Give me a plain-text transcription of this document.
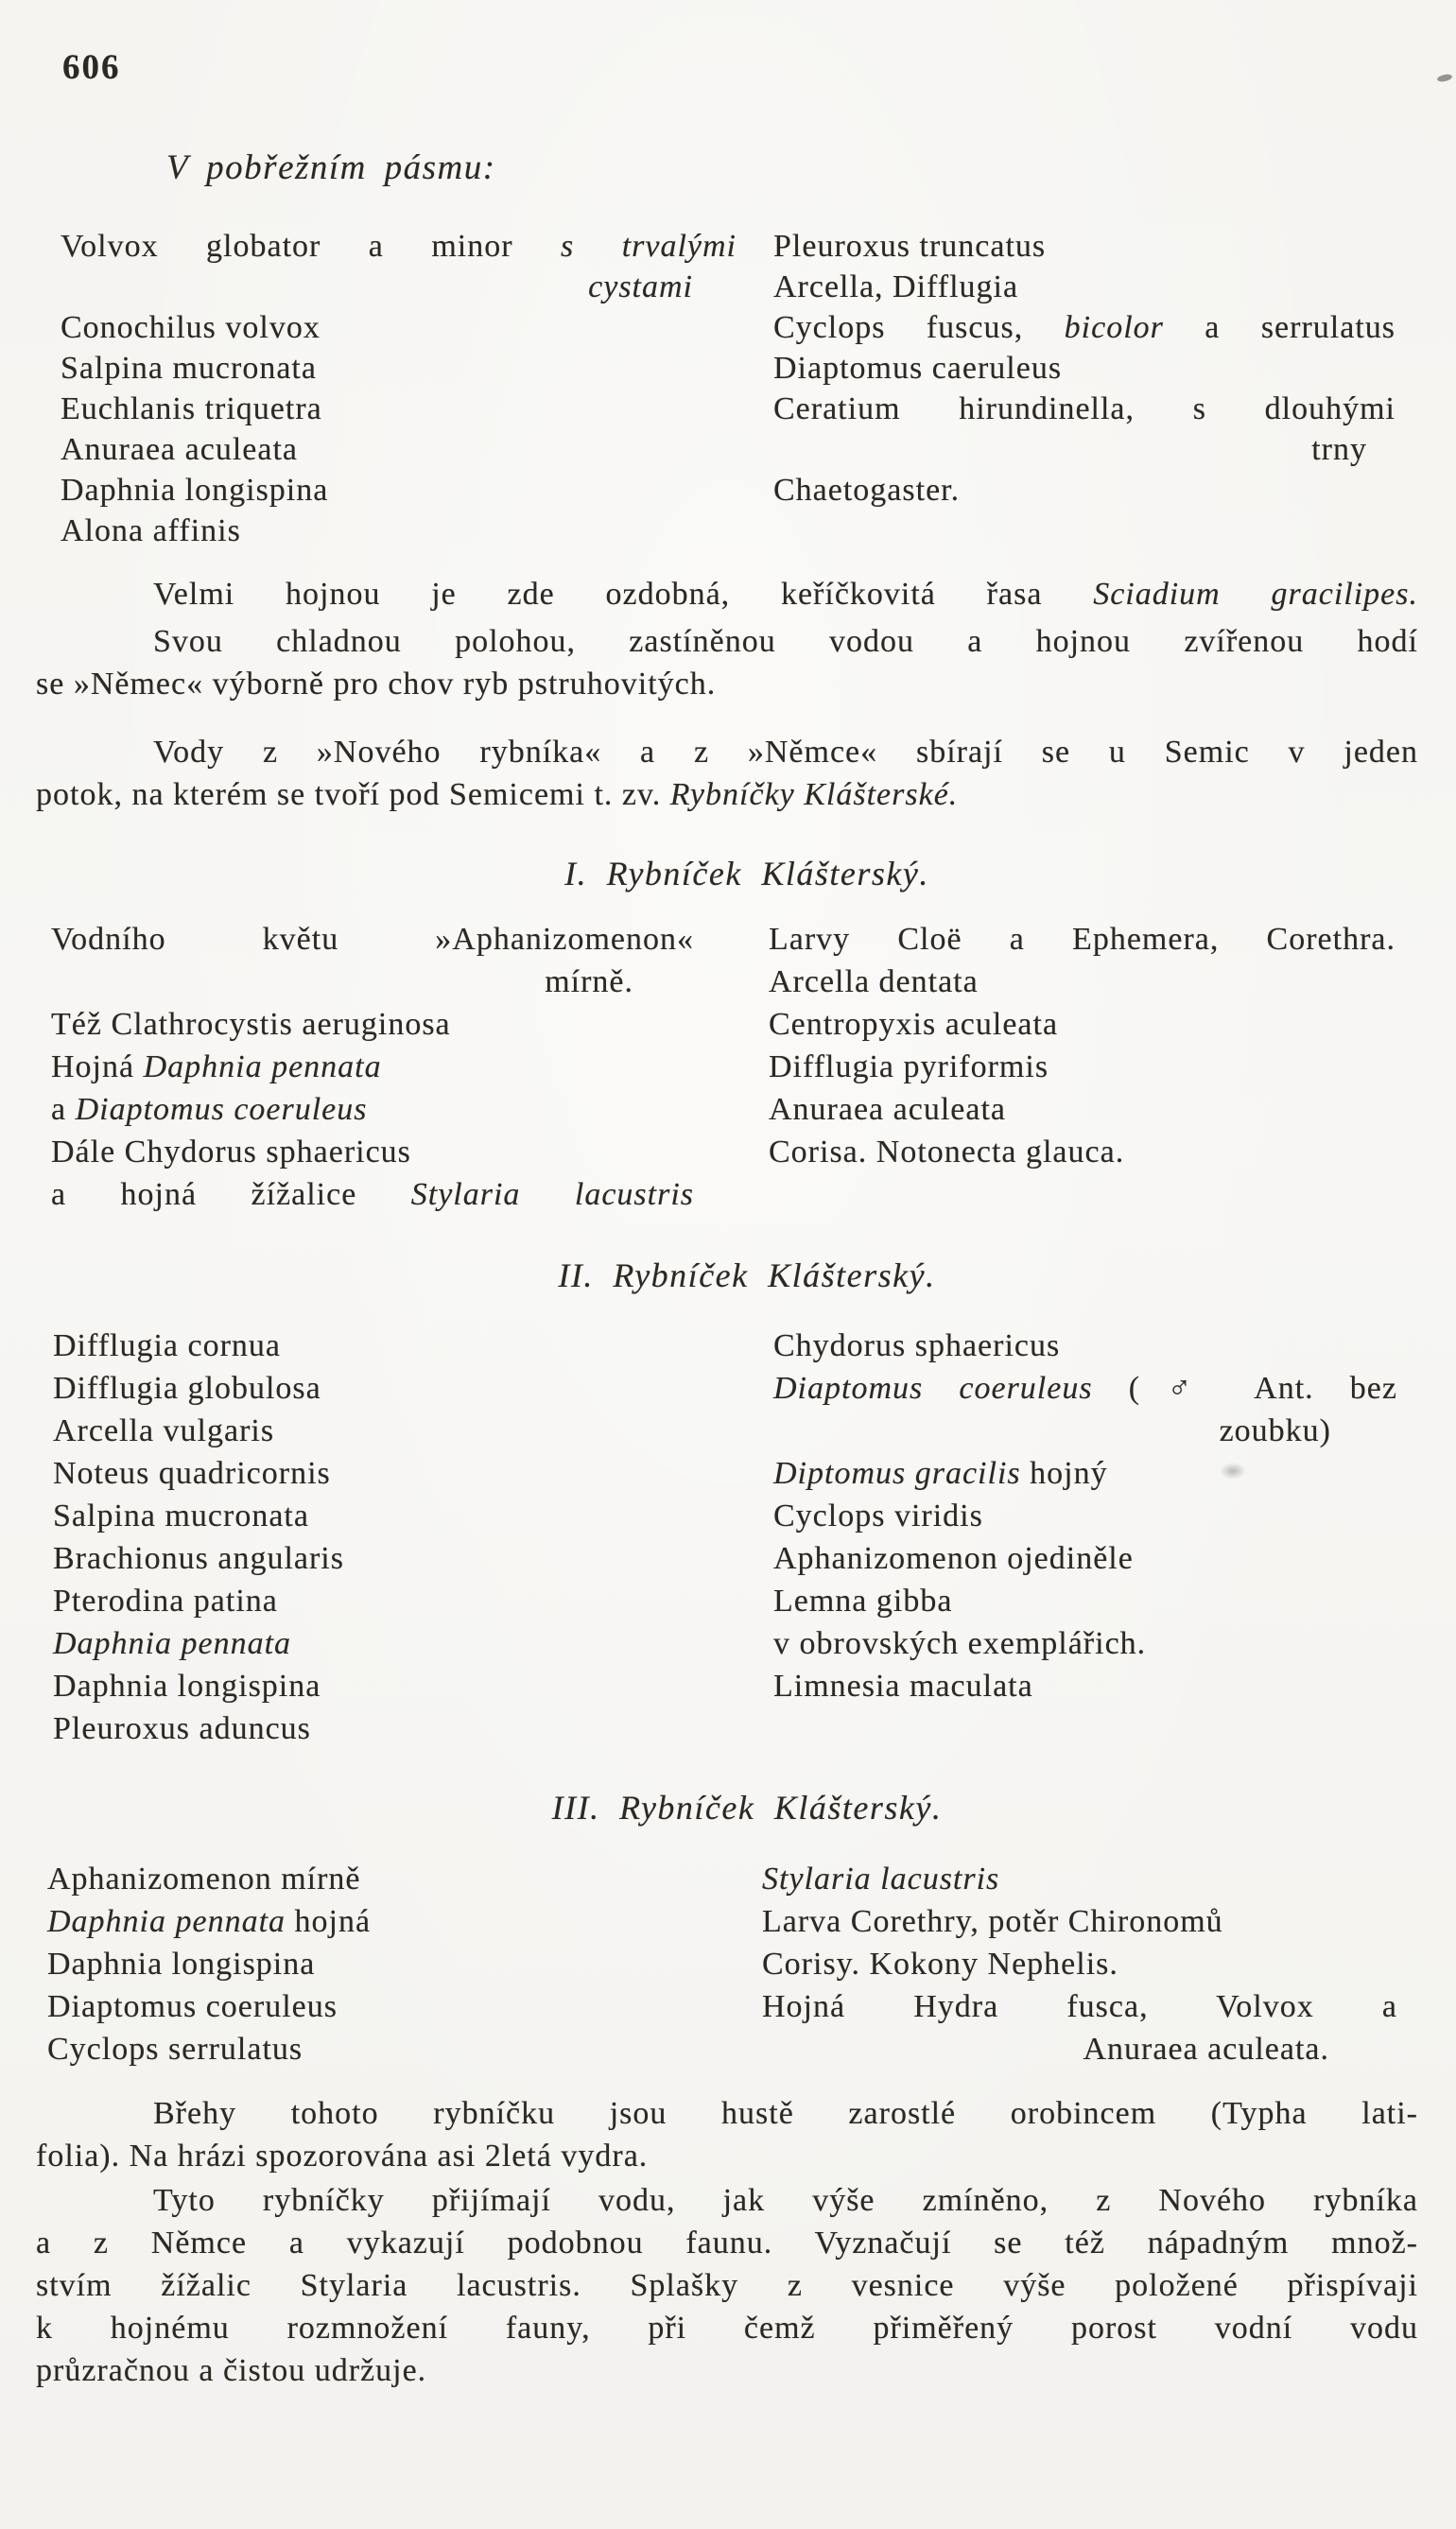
606
V pobřežním pásmu:
Volvox globator a minor s trvalými
cystami
Conochilus volvox
Salpina mucronata
Euchlanis triquetra
Anuraea aculeata
Daphnia longispina
Alona affinis
Pleuroxus truncatus
Arcella, Difflugia
Cyclops fuscus, bicolor a serrulatus
Diaptomus caeruleus
Ceratium hirundinella, s dlouhými
trny
Chaetogaster.
Velmi hojnou je zde ozdobná, keříčkovitá řasa Sciadium gracilipes.
Svou chladnou polohou, zastíněnou vodou a hojnou zvířenou hodí
se »Němec« výborně pro chov ryb pstruhovitých.
Vody z »Nového rybníka« a z »Němce« sbírají se u Semic v jeden
potok, na kterém se tvoří pod Semicemi t. zv. Rybníčky Klášterské.
I. Rybníček Klášterský.
Vodního květu »Aphanizomenon«
mírně.
Též Clathrocystis aeruginosa
Hojná Daphnia pennata
a Diaptomus coeruleus
Dále Chydorus sphaericus
a hojná žížalice Stylaria lacustris
Larvy Cloë a Ephemera, Corethra.
Arcella dentata
Centropyxis aculeata
Difflugia pyriformis
Anuraea aculeata
Corisa. Notonecta glauca.
II. Rybníček Klášterský.
Difflugia cornua
Difflugia globulosa
Arcella vulgaris
Noteus quadricornis
Salpina mucronata
Brachionus angularis
Pterodina patina
Daphnia pennata
Daphnia longispina
Pleuroxus aduncus
Chydorus sphaericus
Diaptomus coeruleus (♂ Ant. bez
zoubku)
Diptomus gracilis hojný
Cyclops viridis
Aphanizomenon ojediněle
Lemna gibba
v obrovských exemplářich.
Limnesia maculata
III. Rybníček Klášterský.
Aphanizomenon mírně
Daphnia pennata hojná
Daphnia longispina
Diaptomus coeruleus
Cyclops serrulatus
Stylaria lacustris
Larva Corethry, potěr Chironomů
Corisy. Kokony Nephelis.
Hojná Hydra fusca, Volvox a
Anuraea aculeata.
Břehy tohoto rybníčku jsou hustě zarostlé orobincem (Typha lati-
folia). Na hrázi spozorována asi 2letá vydra.
Tyto rybníčky přijímají vodu, jak výše zmíněno, z Nového rybníka
a z Němce a vykazují podobnou faunu. Vyznačují se též nápadným množ-
stvím žížalic Stylaria lacustris. Splašky z vesnice výše položené přispívaji
k hojnému rozmnožení fauny, při čemž přiměřený porost vodní vodu
průzračnou a čistou udržuje.
